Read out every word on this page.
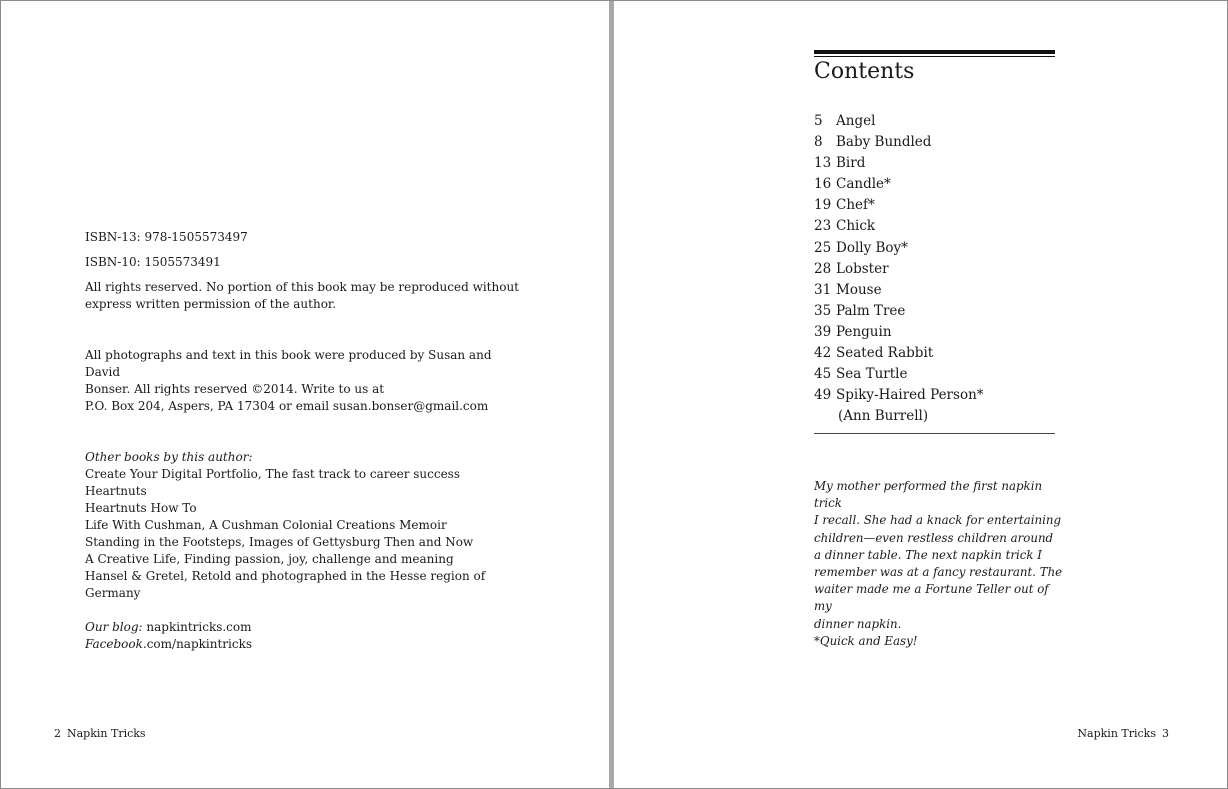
ISBN-13: 978-1505573497

ISBN-10: 1505573491

All rights reserved. No portion of this book may be reproduced without

express written permission of the author.

All photographs and text in this book were produced by Susan and David

Bonser. All rights reserved ©2014. Write to us at

P.O. Box 204, Aspers, PA 17304 or email susan.bonser@gmail.com

Other books by this author:

Create Your Digital Portfolio, The fast track to career success

Heartnuts

Heartnuts How To

Life With Cushman, A Cushman Colonial Creations Memoir

Standing in the Footsteps, Images of Gettysburg Then and Now

A Creative Life, Finding passion, joy, challenge and meaning

Hansel & Gretel, Retold and photographed in the Hesse region of Germany

Our blog: napkintricks.com

Facebook.com/napkintricks

2 Napkin Tricks
Contents
5 Angel
8 Baby Bundled
13 Bird
16 Candle*
19 Chef*
23 Chick
25 Dolly Boy*
28 Lobster
31 Mouse
35 Palm Tree
39 Penguin
42 Seated Rabbit
45 Sea Turtle
49 Spiky-Haired Person*
(Ann Burrell)

My mother performed the first napkin trick

I recall. She had a knack for entertaining

children—even restless children around

a dinner table. The next napkin trick I

remember was at a fancy restaurant. The

waiter made me a Fortune Teller out of my

dinner napkin.

*Quick and Easy!
Napkin Tricks 3
